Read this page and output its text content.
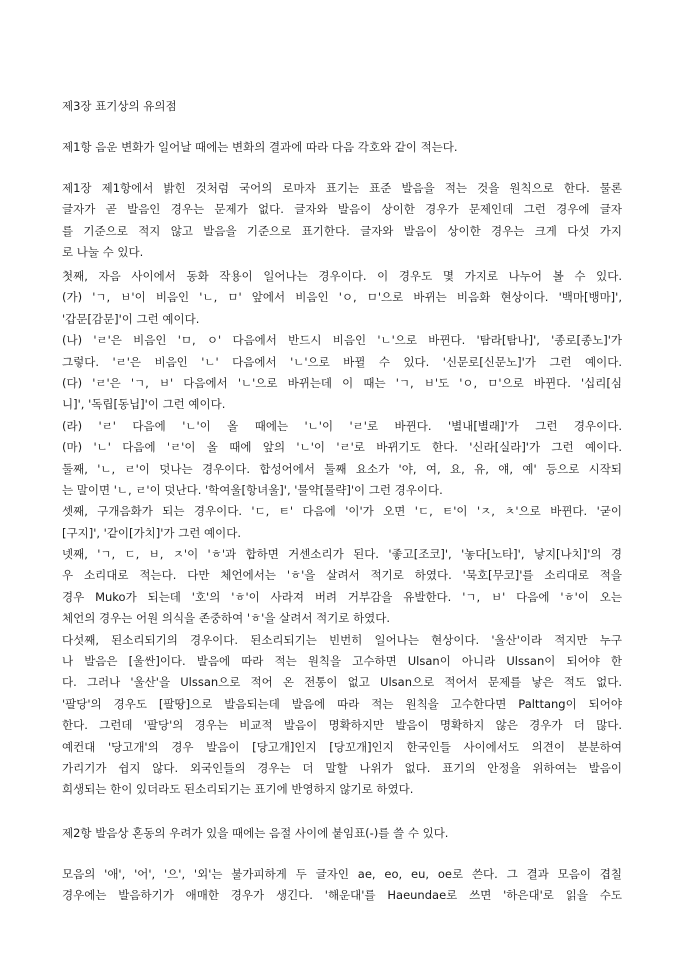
제3장 표기상의 유의점
제1항 음운 변화가 일어날 때에는 변화의 결과에 따라 다음 각호와 같이 적는다.
제1장 제1항에서 밝힌 것처럼 국어의 로마자 표기는 표준 발음을 적는 것을 원칙으로 한다. 물론
글자가 곧 발음인 경우는 문제가 없다. 글자와 발음이 상이한 경우가 문제인데 그런 경우에 글자
를 기준으로 적지 않고 발음을 기준으로 표기한다. 글자와 발음이 상이한 경우는 크게 다섯 가지
로 나눌 수 있다.
첫째, 자음 사이에서 동화 작용이 일어나는 경우이다. 이 경우도 몇 가지로 나누어 볼 수 있다.
(가) 'ㄱ, ㅂ'이 비음인 'ㄴ, ㅁ' 앞에서 비음인 'ㅇ, ㅁ'으로 바뀌는 비음화 현상이다. '백마[뱅마]',
'갑문[감문]'이 그런 예이다.
(나) 'ㄹ'은 비음인 'ㅁ, ㅇ' 다음에서 반드시 비음인 'ㄴ'으로 바뀐다. '탐라[탐나]', '종로[종노]'가
그렇다. 'ㄹ'은 비음인 'ㄴ' 다음에서 'ㄴ'으로 바뀔 수 있다. '신문로[신문노]'가 그런 예이다.
(다) 'ㄹ'은 'ㄱ, ㅂ' 다음에서 'ㄴ'으로 바뀌는데 이 때는 'ㄱ, ㅂ'도 'ㅇ, ㅁ'으로 바뀐다. '십리[심
니]', '독립[동닙]'이 그런 예이다.
(라) 'ㄹ' 다음에 'ㄴ'이 올 때에는 'ㄴ'이 'ㄹ'로 바뀐다. '별내[별래]'가 그런 경우이다.
(마) 'ㄴ' 다음에 'ㄹ'이 올 때에 앞의 'ㄴ'이 'ㄹ'로 바뀌기도 한다. '신라[실라]'가 그런 예이다.
둘째, 'ㄴ, ㄹ'이 덧나는 경우이다. 합성어에서 둘째 요소가 '야, 여, 요, 유, 얘, 예' 등으로 시작되
는 말이면 'ㄴ, ㄹ'이 덧난다. '학여울[항녀울]', '물약[물략]'이 그런 경우이다.
셋째, 구개음화가 되는 경우이다. 'ㄷ, ㅌ' 다음에 '이'가 오면 'ㄷ, ㅌ'이 'ㅈ, ㅊ'으로 바뀐다. '굳이
[구지]', '같이[가치]'가 그런 예이다.
넷째, 'ㄱ, ㄷ, ㅂ, ㅈ'이 'ㅎ'과 합하면 거센소리가 된다. '좋고[조코]', '놓다[노타]', 낳지[나치]'의 경
우 소리대로 적는다. 다만 체언에서는 'ㅎ'을 살려서 적기로 하였다. '묵호[무코]'를 소리대로 적을
경우 Muko가 되는데 '호'의 'ㅎ'이 사라져 버려 거부감을 유발한다. 'ㄱ, ㅂ' 다음에 'ㅎ'이 오는
체언의 경우는 어원 의식을 존중하여 'ㅎ'을 살려서 적기로 하였다.
다섯째, 된소리되기의 경우이다. 된소리되기는 빈번히 일어나는 현상이다. '울산'이라 적지만 누구
나 발음은 [울싼]이다. 발음에 따라 적는 원칙을 고수하면 Ulsan이 아니라 Ulssan이 되어야 한
다. 그러나 '울산'을 Ulssan으로 적어 온 전통이 없고 Ulsan으로 적어서 문제를 낳은 적도 없다.
'팔당'의 경우도 [팔땅]으로 발음되는데 발음에 따라 적는 원칙을 고수한다면 Palttang이 되어야
한다. 그런데 '팔당'의 경우는 비교적 발음이 명확하지만 발음이 명확하지 않은 경우가 더 많다.
예컨대 '당고개'의 경우 발음이 [당고개]인지 [당꼬개]인지 한국인들 사이에서도 의견이 분분하여
가리기가 쉽지 않다. 외국인들의 경우는 더 말할 나위가 없다. 표기의 안정을 위하여는 발음이
희생되는 한이 있더라도 된소리되기는 표기에 반영하지 않기로 하였다.
제2항 발음상 혼동의 우려가 있을 때에는 음절 사이에 붙임표(-)를 쓸 수 있다.
모음의 '애', '어', '으', '외'는 불가피하게 두 글자인 ae, eo, eu, oe로 쓴다. 그 결과 모음이 겹칠
경우에는 발음하기가 애매한 경우가 생긴다. '해운대'를 Haeundae로 쓰면 '하은대'로 읽을 수도
